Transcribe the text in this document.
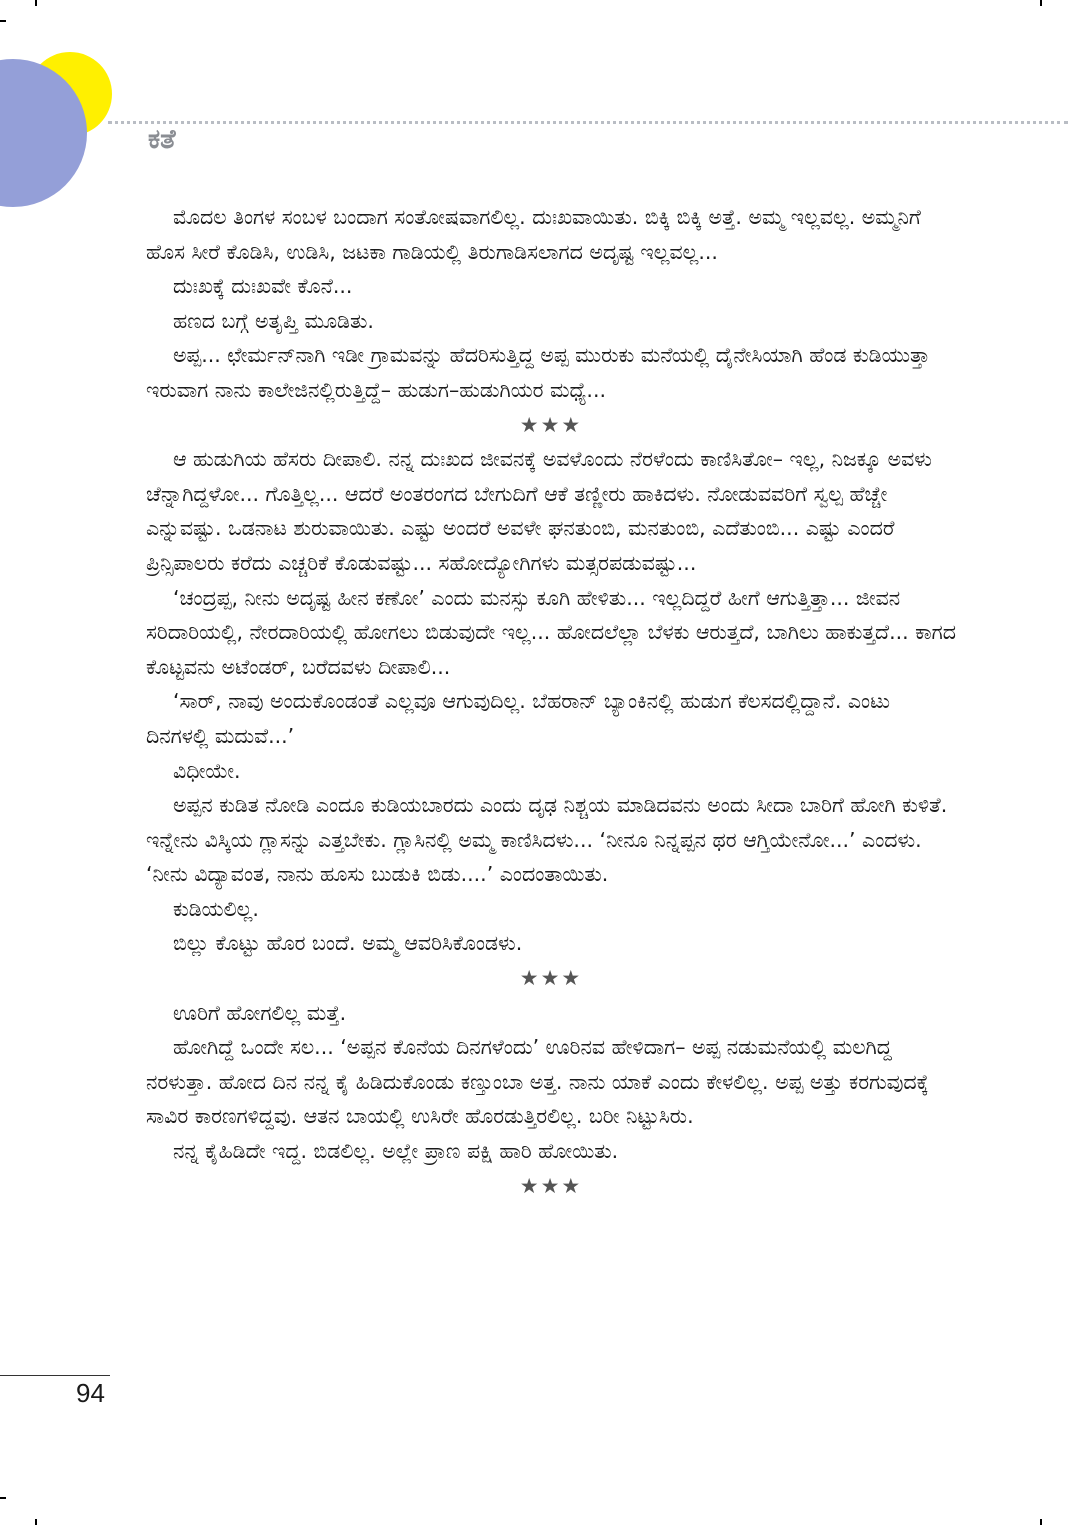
ಕತೆ

ಮೊದಲ ತಿಂಗಳ ಸಂಬಳ ಬಂದಾಗ ಸಂತೋಷವಾಗಲಿಲ್ಲ. ದುಃಖವಾಯಿತು. ಬಿಕ್ಕಿ ಬಿಕ್ಕಿ ಅತ್ತೆ. ಅಮ್ಮ ಇಲ್ಲವಲ್ಲ. ಅಮ್ಮನಿಗೆ ಹೊಸ ಸೀರೆ ಕೊಡಿಸಿ, ಉಡಿಸಿ, ಜಟಕಾ ಗಾಡಿಯಲ್ಲಿ ತಿರುಗಾಡಿಸಲಾಗದ ಅದೃಷ್ಟ ಇಲ್ಲವಲ್ಲ...

ದುಃಖಕ್ಕೆ ದುಃಖವೇ ಕೊನೆ...

ಹಣದ ಬಗ್ಗೆ ಅತೃಪ್ತಿ ಮೂಡಿತು.

ಅಪ್ಪ... ಛೇರ್ಮನ್‌ನಾಗಿ ಇಡೀ ಗ್ರಾಮವನ್ನು ಹೆದರಿಸುತ್ತಿದ್ದ ಅಪ್ಪ ಮುರುಕು ಮನೆಯಲ್ಲಿ ದೈನೇಸಿಯಾಗಿ ಹೆಂಡ ಕುಡಿಯುತ್ತಾ ಇರುವಾಗ ನಾನು ಕಾಲೇಜಿನಲ್ಲಿರುತ್ತಿದ್ದೆ– ಹುಡುಗ–ಹುಡುಗಿಯರ ಮಧ್ಯೆ...

★★★

ಆ ಹುಡುಗಿಯ ಹೆಸರು ದೀಪಾಲಿ. ನನ್ನ ದುಃಖದ ಜೀವನಕ್ಕೆ ಅವಳೊಂದು ನೆರಳೆಂದು ಕಾಣಿಸಿತೋ– ಇಲ್ಲ, ನಿಜಕ್ಕೂ ಅವಳು ಚೆನ್ನಾಗಿದ್ದಳೋ... ಗೊತ್ತಿಲ್ಲ... ಆದರೆ ಅಂತರಂಗದ ಬೇಗುದಿಗೆ ಆಕೆ ತಣ್ಣೀರು ಹಾಕಿದಳು. ನೋಡುವವರಿಗೆ ಸ್ವಲ್ಪ ಹೆಚ್ಚೇ ಎನ್ನುವಷ್ಟು. ಒಡನಾಟ ಶುರುವಾಯಿತು. ಎಷ್ಟು ಅಂದರೆ ಅವಳೇ ಘನತುಂಬಿ, ಮನತುಂಬಿ, ಎದೆತುಂಬಿ... ಎಷ್ಟು ಎಂದರೆ ಪ್ರಿನ್ಸಿಪಾಲರು ಕರೆದು ಎಚ್ಚರಿಕೆ ಕೊಡುವಷ್ಟು... ಸಹೋದ್ಯೋಗಿಗಳು ಮತ್ಸರಪಡುವಷ್ಟು...

‘ಚಂದ್ರಪ್ಪ, ನೀನು ಅದೃಷ್ಟ ಹೀನ ಕಣೋ’ ಎಂದು ಮನಸ್ಸು ಕೂಗಿ ಹೇಳಿತು... ಇಲ್ಲದಿದ್ದರೆ ಹೀಗೆ ಆಗುತ್ತಿತ್ತಾ... ಜೀವನ ಸರಿದಾರಿಯಲ್ಲಿ, ನೇರದಾರಿಯಲ್ಲಿ ಹೋಗಲು ಬಿಡುವುದೇ ಇಲ್ಲ... ಹೋದಲೆಲ್ಲಾ ಬೆಳಕು ಆರುತ್ತದೆ, ಬಾಗಿಲು ಹಾಕುತ್ತದೆ... ಕಾಗದ ಕೊಟ್ಟವನು ಅಟೆಂಡರ್, ಬರೆದವಳು ದೀಪಾಲಿ...

‘ಸಾರ್, ನಾವು ಅಂದುಕೊಂಡಂತೆ ಎಲ್ಲವೂ ಆಗುವುದಿಲ್ಲ. ಬೆಹರಾನ್ ಬ್ಯಾಂಕಿನಲ್ಲಿ ಹುಡುಗ ಕೆಲಸದಲ್ಲಿದ್ದಾನೆ. ಎಂಟು ದಿನಗಳಲ್ಲಿ ಮದುವೆ...’

ವಿಧೀಯೇ.

ಅಪ್ಪನ ಕುಡಿತ ನೋಡಿ ಎಂದೂ ಕುಡಿಯಬಾರದು ಎಂದು ದೃಢ ನಿಶ್ಚಯ ಮಾಡಿದವನು ಅಂದು ಸೀದಾ ಬಾರಿಗೆ ಹೋಗಿ ಕುಳಿತೆ. ಇನ್ನೇನು ವಿಸ್ಕಿಯ ಗ್ಲಾಸನ್ನು ಎತ್ತಬೇಕು. ಗ್ಲಾಸಿನಲ್ಲಿ ಅಮ್ಮ ಕಾಣಿಸಿದಳು... ‘ನೀನೂ ನಿನ್ನಪ್ಪನ ಥರ ಆಗ್ತಿಯೇನೋ...’ ಎಂದಳು. ‘ನೀನು ವಿದ್ಯಾವಂತ, ನಾನು ಹೂಸು ಬುಡುಕಿ ಬಿಡು....’ ಎಂದಂತಾಯಿತು.

ಕುಡಿಯಲಿಲ್ಲ.

ಬಿಲ್ಲು ಕೊಟ್ಟು ಹೊರ ಬಂದೆ. ಅಮ್ಮ ಆವರಿಸಿಕೊಂಡಳು.

★★★

ಊರಿಗೆ ಹೋಗಲಿಲ್ಲ ಮತ್ತೆ.

ಹೋಗಿದ್ದೆ ಒಂದೇ ಸಲ... ‘ಅಪ್ಪನ ಕೊನೆಯ ದಿನಗಳೆಂದು’ ಊರಿನವ ಹೇಳಿದಾಗ– ಅಪ್ಪ ನಡುಮನೆಯಲ್ಲಿ ಮಲಗಿದ್ದ ನರಳುತ್ತಾ. ಹೋದ ದಿನ ನನ್ನ ಕೈ ಹಿಡಿದುಕೊಂಡು ಕಣ್ತುಂಬಾ ಅತ್ತ. ನಾನು ಯಾಕೆ ಎಂದು ಕೇಳಲಿಲ್ಲ. ಅಪ್ಪ ಅತ್ತು ಕರಗುವುದಕ್ಕೆ ಸಾವಿರ ಕಾರಣಗಳಿದ್ದವು. ಆತನ ಬಾಯಲ್ಲಿ ಉಸಿರೇ ಹೊರಡುತ್ತಿರಲಿಲ್ಲ. ಬರೀ ನಿಟ್ಟುಸಿರು.

ನನ್ನ ಕೈಹಿಡಿದೇ ಇದ್ದ. ಬಿಡಲಿಲ್ಲ. ಅಲ್ಲೇ ಪ್ರಾಣ ಪಕ್ಷಿ ಹಾರಿ ಹೋಯಿತು.

★★★

94
